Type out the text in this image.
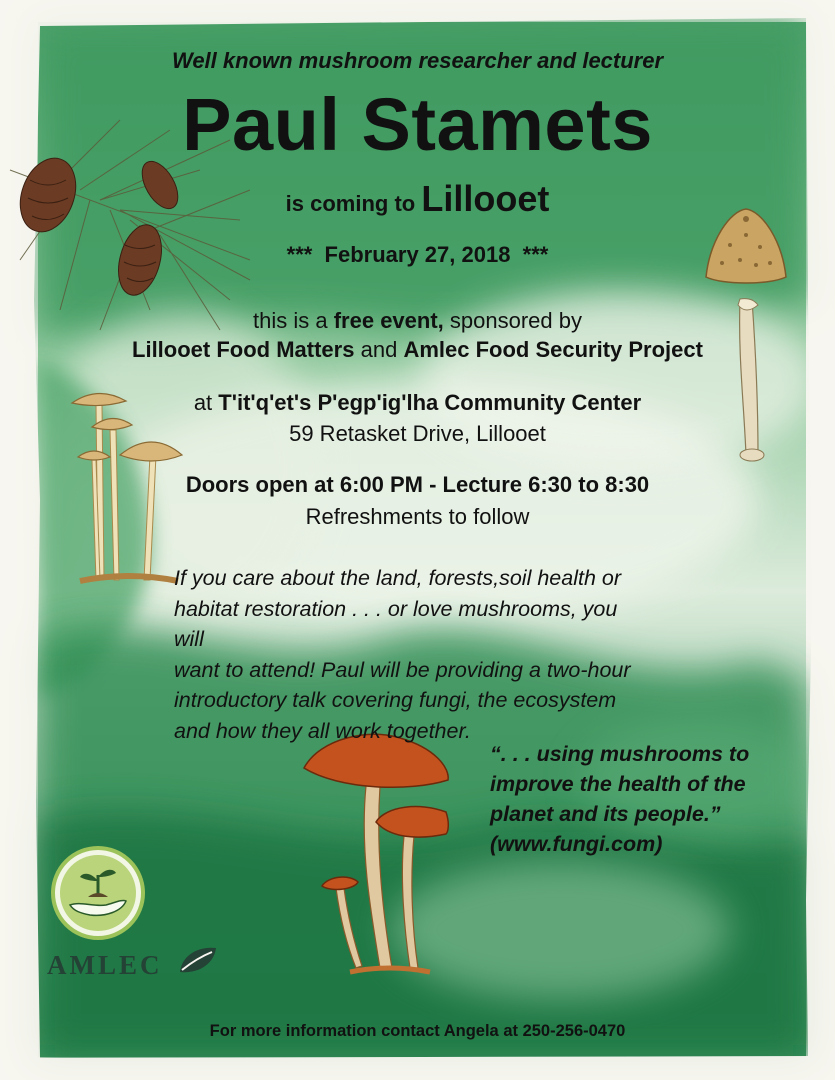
AMLEC
Well known mushroom researcher and lecturer
Paul Stamets
is coming to Lillooet
***  February 27, 2018  ***
this is a free event, sponsored by
Lillooet Food Matters and Amlec Food Security Project
at T'it'q'et's P'egp'ig'lha Community Center
59 Retasket Drive, Lillooet
Doors open at 6:00 PM - Lecture 6:30 to 8:30
Refreshments to follow
If you care about the land, forests,soil health or
habitat restoration . . . or love mushrooms, you will
want to attend! Paul will be providing a two-hour
introductory talk covering fungi, the ecosystem
and how they all work together.
“. . . using mushrooms to
improve the health of the
planet and its people.”
(www.fungi.com)
For more information contact Angela at 250-256-0470
